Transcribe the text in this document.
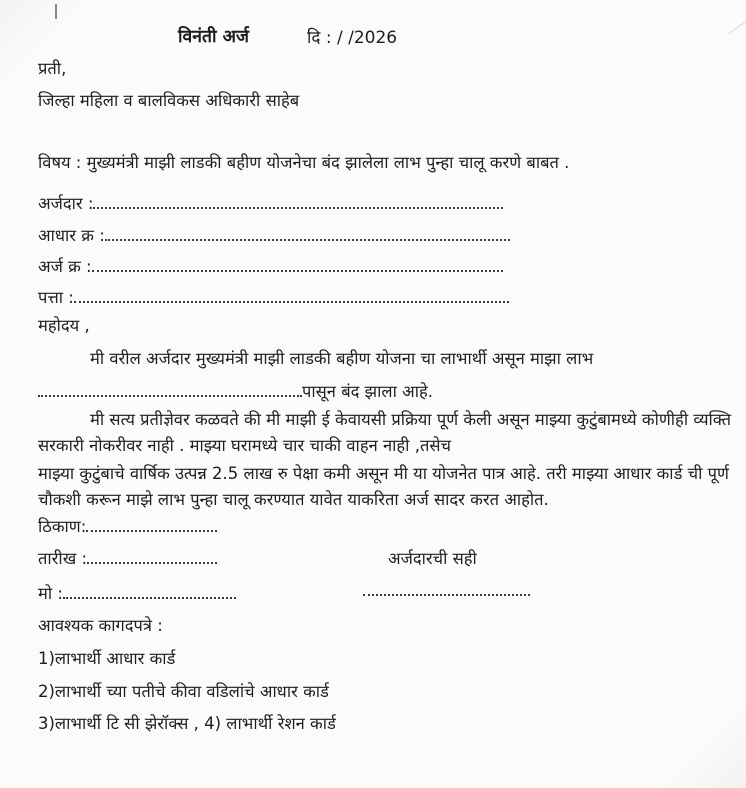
विनंती अर्ज	दि : / /2026
प्रती,
जिल्हा महिला व बालविकस अधिकारी साहेब
विषय : मुख्यमंत्री माझी लाडकी बहीण योजनेचा बंद झालेला लाभ पुन्हा चालू करणे बाबत .
अर्जदार :
आधार क्र :
अर्ज क्र :
पत्ता :
महोदय ,
मी वरील अर्जदार मुख्यमंत्री माझी लाडकी बहीण योजना चा लाभार्थी असून माझा लाभ
पासून बंद झाला आहे.
मी सत्य प्रतीज्ञेवर कळवते की मी माझी ई केवायसी प्रक्रिया पूर्ण केली असून माझ्या कुटुंबामध्ये कोणीही व्यक्ति सरकारी नोकरीवर नाही . माझ्या घरामध्ये चार चाकी वाहन नाही ,तसेच
माझ्या कुटुंबाचे वार्षिक उत्पन्न 2.5 लाख रु पेक्षा कमी असून मी या योजनेत पात्र आहे. तरी माझ्या आधार कार्ड ची पूर्ण चौकशी करून माझे लाभ पुन्हा चालू करण्यात यावेत याकरिता अर्ज सादर करत आहोत.
ठिकाण:
तारीख :	अर्जदारची सही
मो :
आवश्यक कागदपत्रे :
1)लाभार्थी आधार कार्ड
2)लाभार्थी च्या पतीचे कीवा वडिलांचे आधार कार्ड
3)लाभार्थी टि सी झेरॉक्स , 4) लाभार्थी रेशन कार्ड
